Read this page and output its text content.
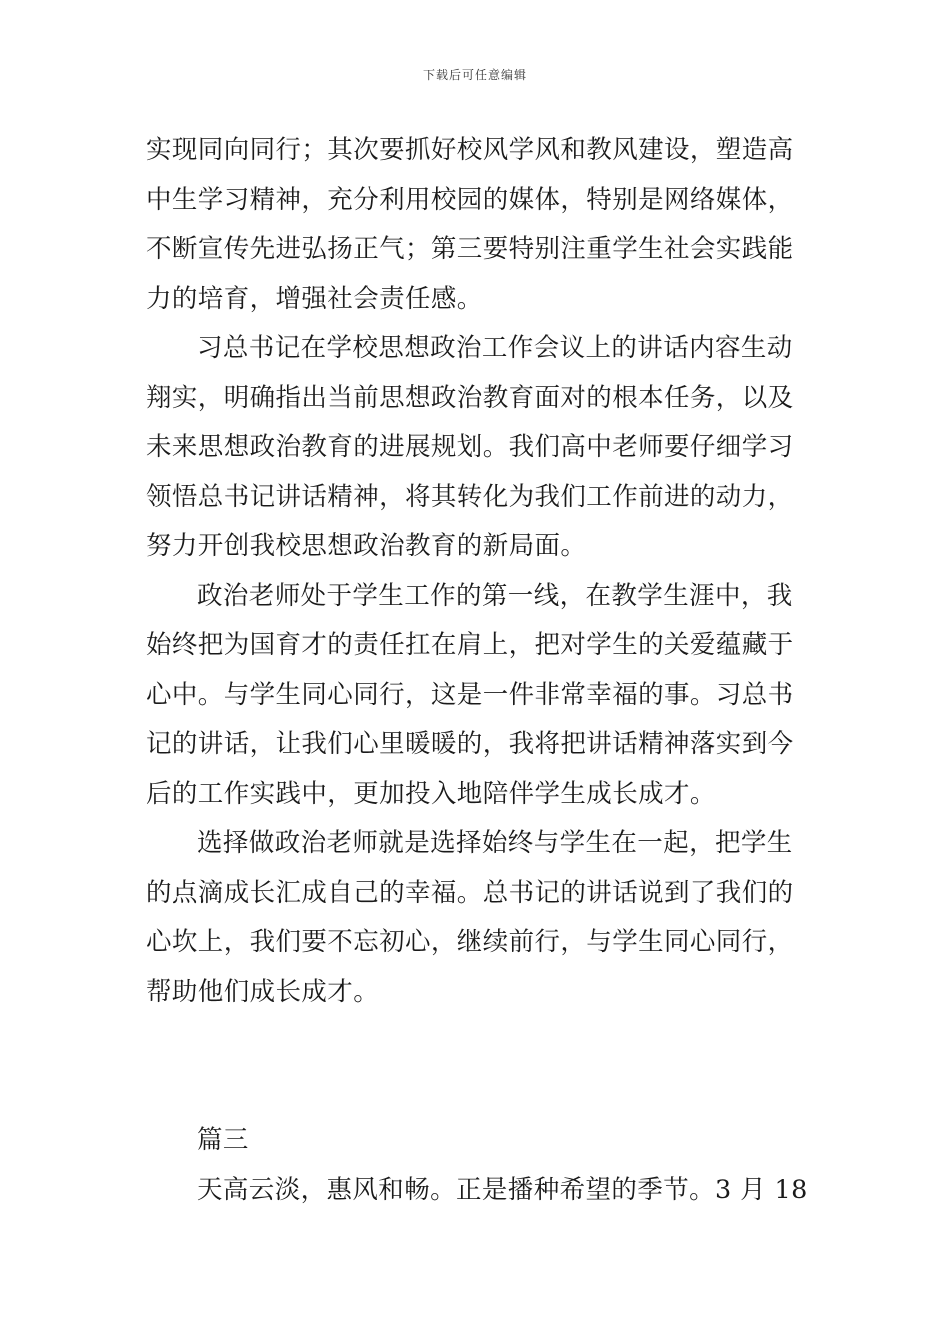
下载后可任意编辑
实现同向同行；其次要抓好校风学风和教风建设，塑造高
中生学习精神，充分利用校园的媒体，特别是网络媒体，
不断宣传先进弘扬正气；第三要特别注重学生社会实践能
力的培育，增强社会责任感。
习总书记在学校思想政治工作会议上的讲话内容生动
翔实，明确指出当前思想政治教育面对的根本任务，以及
未来思想政治教育的进展规划。我们高中老师要仔细学习
领悟总书记讲话精神，将其转化为我们工作前进的动力，
努力开创我校思想政治教育的新局面。
政治老师处于学生工作的第一线，在教学生涯中，我
始终把为国育才的责任扛在肩上，把对学生的关爱蕴藏于
心中。与学生同心同行，这是一件非常幸福的事。习总书
记的讲话，让我们心里暖暖的，我将把讲话精神落实到今
后的工作实践中，更加投入地陪伴学生成长成才。
选择做政治老师就是选择始终与学生在一起，把学生
的点滴成长汇成自己的幸福。总书记的讲话说到了我们的
心坎上，我们要不忘初心，继续前行，与学生同心同行，
帮助他们成长成才。
篇三
天高云淡，惠风和畅。正是播种希望的季节。3 月 18
